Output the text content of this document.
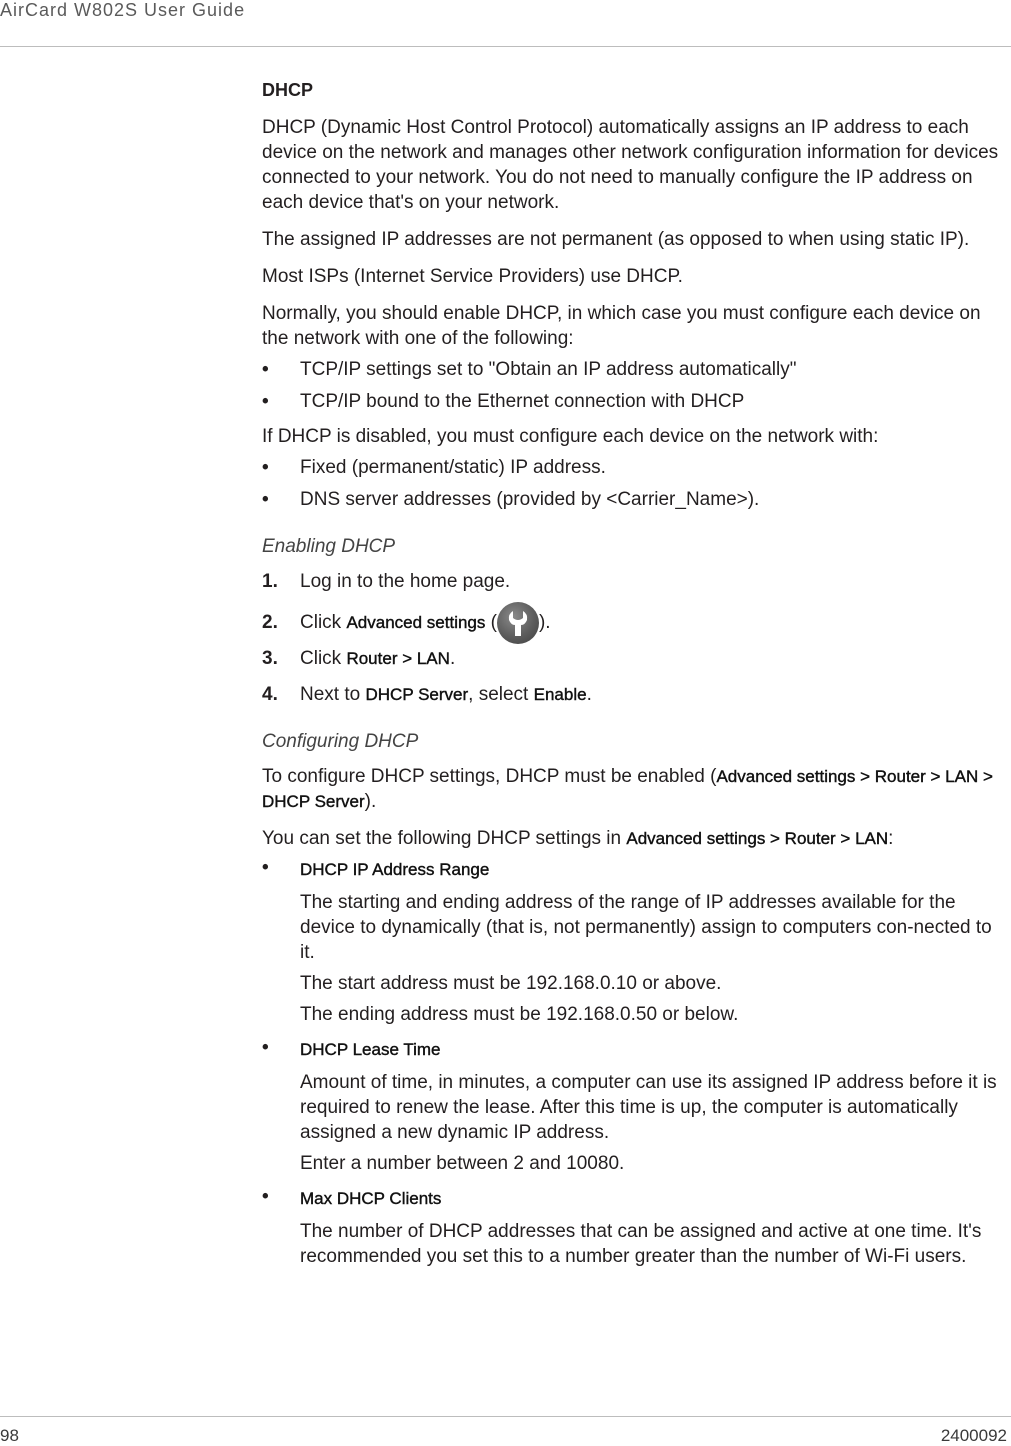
AirCard W802S User Guide

DHCP

DHCP (Dynamic Host Control Protocol) automatically assigns an IP address to each device on the network and manages other network configuration information for devices connected to your network. You do not need to manually configure the IP address on each device that's on your network.

The assigned IP addresses are not permanent (as opposed to when using static IP).

Most ISPs (Internet Service Providers) use DHCP.

Normally, you should enable DHCP, in which case you must configure each device on the network with one of the following:

• TCP/IP settings set to "Obtain an IP address automatically"
• TCP/IP bound to the Ethernet connection with DHCP

If DHCP is disabled, you must configure each device on the network with:

• Fixed (permanent/static) IP address.
• DNS server addresses (provided by <Carrier_Name>).

Enabling DHCP

1. Log in to the home page.
2. Click Advanced settings ( ).
3. Click Router > LAN.
4. Next to DHCP Server, select Enable.

Configuring DHCP

To configure DHCP settings, DHCP must be enabled (Advanced settings > Router > LAN > DHCP Server).

You can set the following DHCP settings in Advanced settings > Router > LAN:

• DHCP IP Address Range

The starting and ending address of the range of IP addresses available for the device to dynamically (that is, not permanently) assign to computers con-nected to it.

The start address must be 192.168.0.10 or above.

The ending address must be 192.168.0.50 or below.

• DHCP Lease Time

Amount of time, in minutes, a computer can use its assigned IP address before it is required to renew the lease. After this time is up, the computer is automatically assigned a new dynamic IP address.

Enter a number between 2 and 10080.

• Max DHCP Clients

The number of DHCP addresses that can be assigned and active at one time. It's recommended you set this to a number greater than the number of Wi-Fi users.

98	2400092
